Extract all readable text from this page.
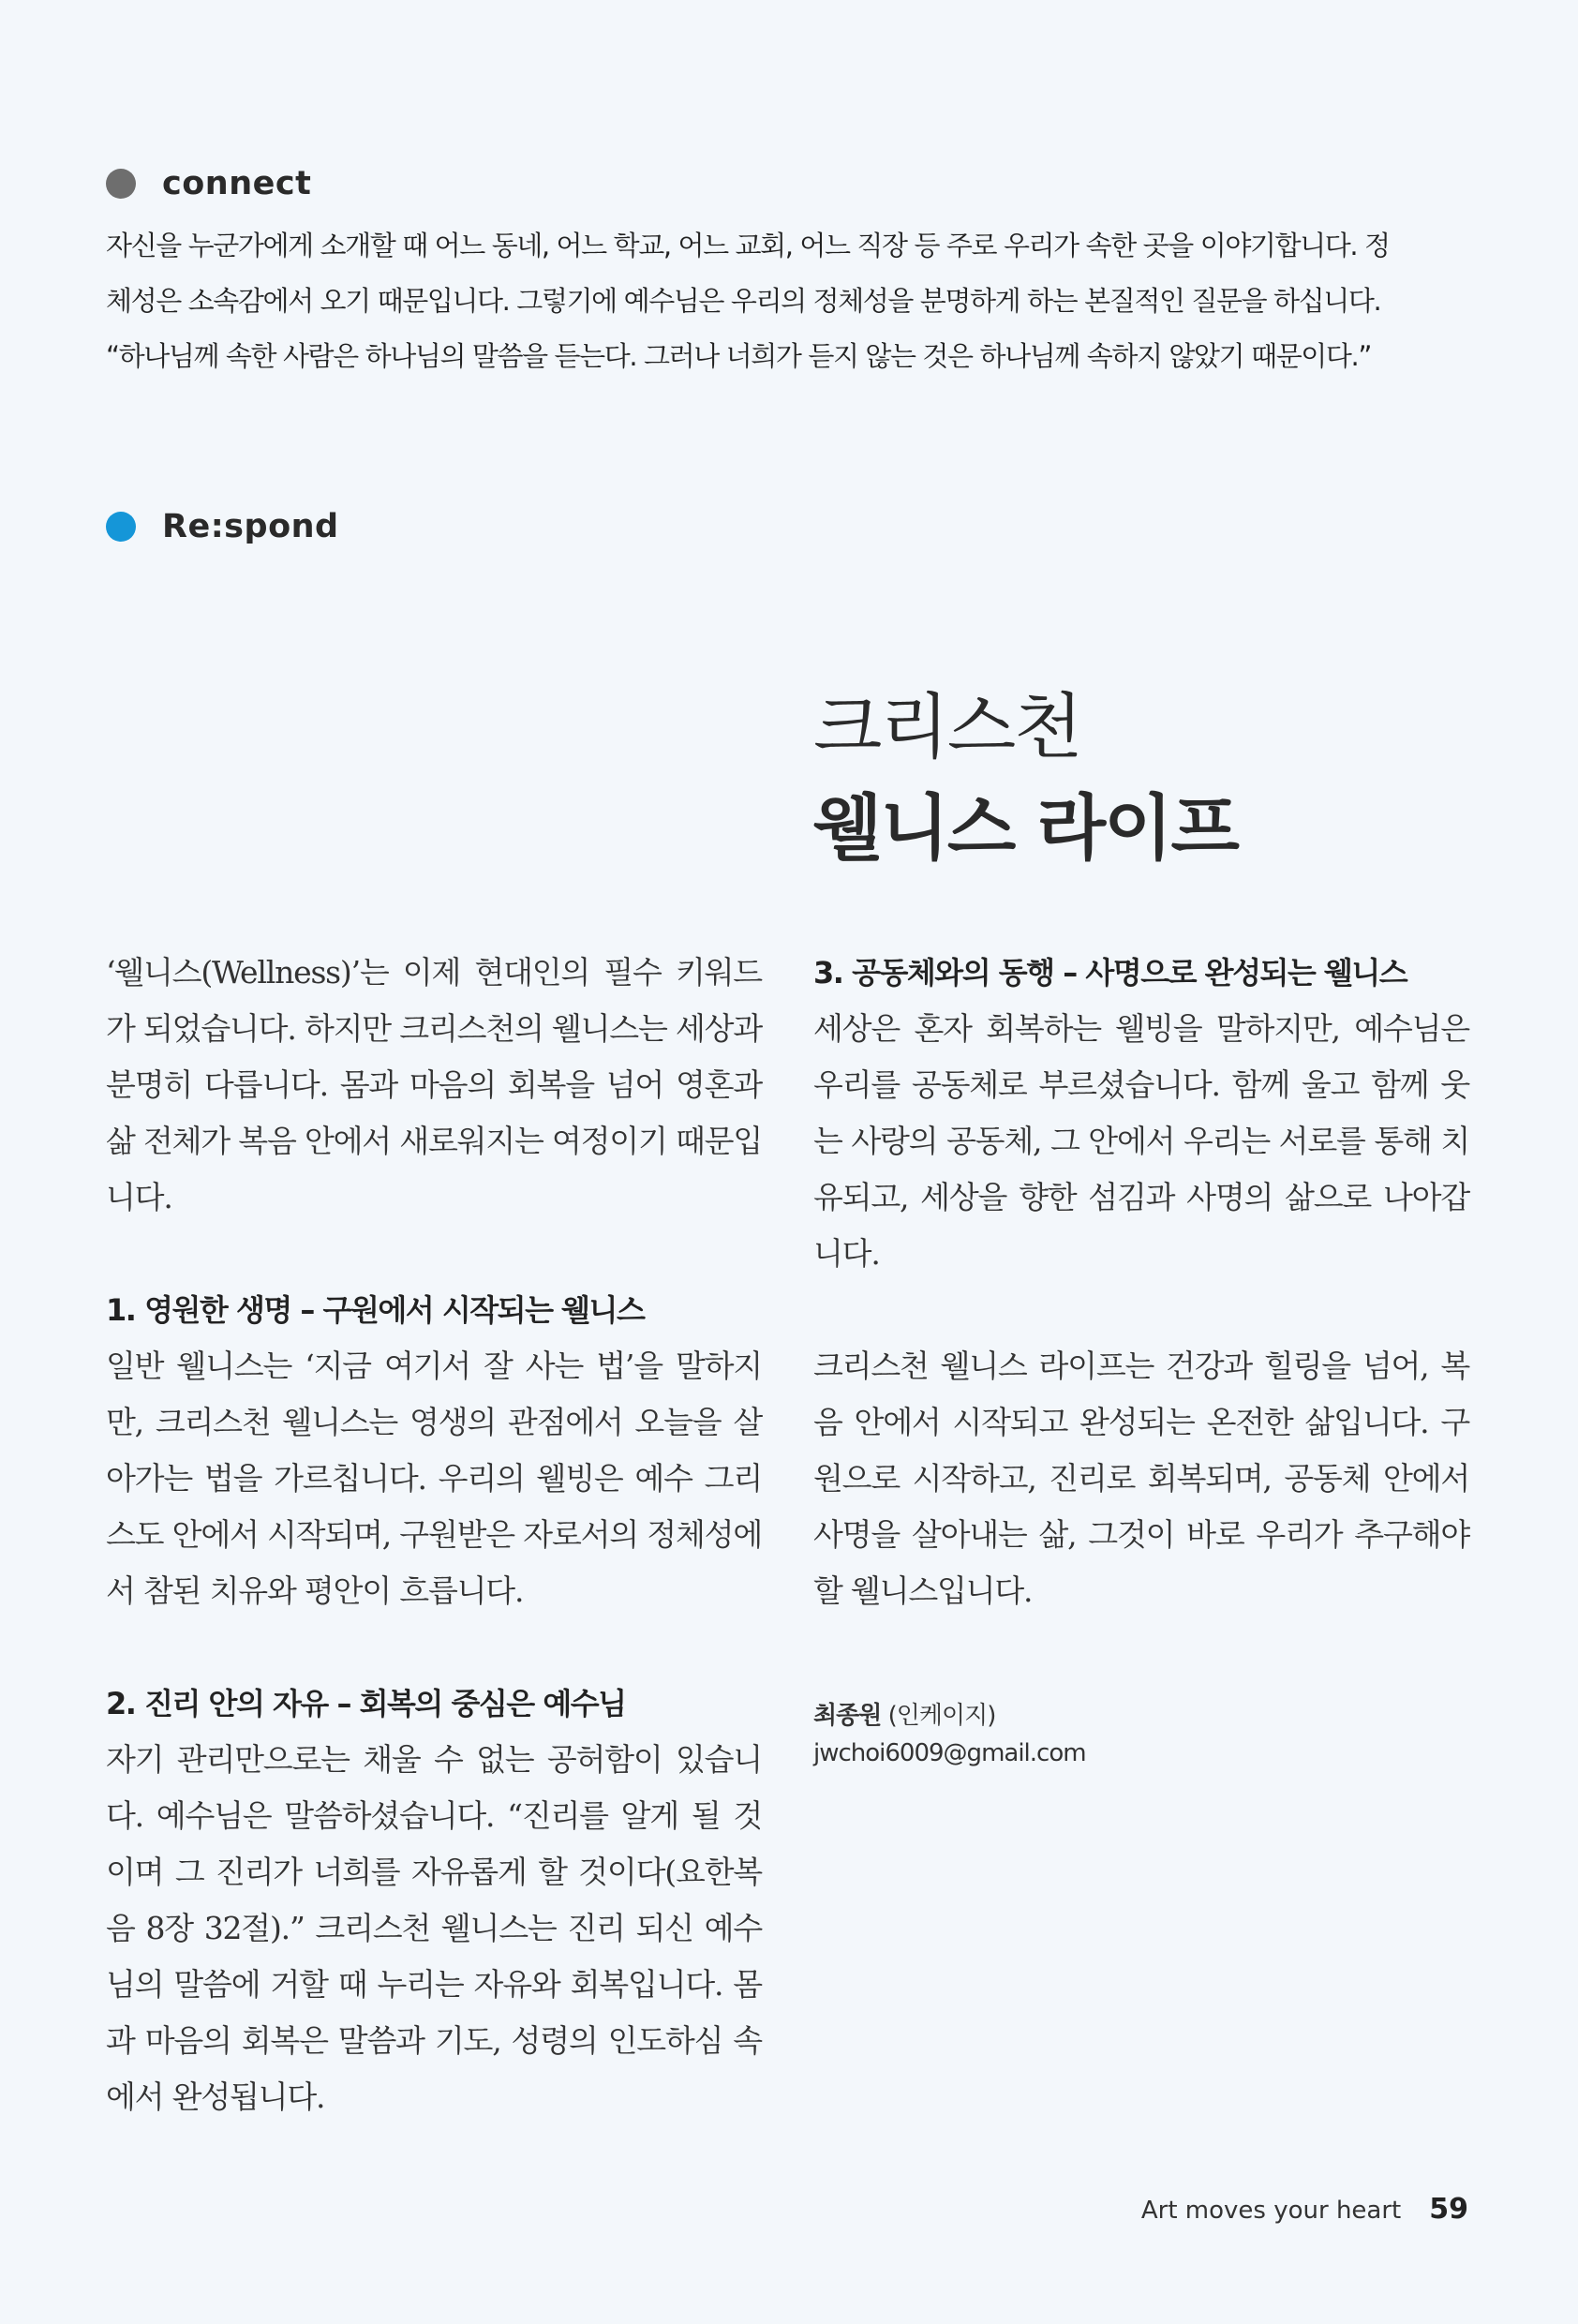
connect

자신을 누군가에게 소개할 때 어느 동네, 어느 학교, 어느 교회, 어느 직장 등 주로 우리가 속한 곳을 이야기합니다. 정

체성은 소속감에서 오기 때문입니다. 그렇기에 예수님은 우리의 정체성을 분명하게 하는 본질적인 질문을 하십니다.

“하나님께 속한 사람은 하나님의 말씀을 듣는다. 그러나 너희가 듣지 않는 것은 하나님께 속하지 않았기 때문이다.”

Re:spond
크리스천
웰니스 라이프

‘웰니스(Wellness)’는 이제 현대인의 필수 키워드가 되었습니다. 하지만 크리스천의 웰니스는 세상과 분명히 다릅니다. 몸과 마음의 회복을 넘어 영혼과 삶 전체가 복음 안에서 새로워지는 여정이기 때문입니다.

1. 영원한 생명 – 구원에서 시작되는 웰니스

일반 웰니스는 ‘지금 여기서 잘 사는 법’을 말하지만, 크리스천 웰니스는 영생의 관점에서 오늘을 살아가는 법을 가르칩니다. 우리의 웰빙은 예수 그리스도 안에서 시작되며, 구원받은 자로서의 정체성에서 참된 치유와 평안이 흐릅니다.

2. 진리 안의 자유 – 회복의 중심은 예수님

자기 관리만으로는 채울 수 없는 공허함이 있습니다. 예수님은 말씀하셨습니다. “진리를 알게 될 것이며 그 진리가 너희를 자유롭게 할 것이다(요한복음 8장 32절).” 크리스천 웰니스는 진리 되신 예수님의 말씀에 거할 때 누리는 자유와 회복입니다. 몸과 마음의 회복은 말씀과 기도, 성령의 인도하심 속에서 완성됩니다.

3. 공동체와의 동행 – 사명으로 완성되는 웰니스

세상은 혼자 회복하는 웰빙을 말하지만, 예수님은 우리를 공동체로 부르셨습니다. 함께 울고 함께 웃는 사랑의 공동체, 그 안에서 우리는 서로를 통해 치유되고, 세상을 향한 섬김과 사명의 삶으로 나아갑니다.

크리스천 웰니스 라이프는 건강과 힐링을 넘어, 복음 안에서 시작되고 완성되는 온전한 삶입니다. 구원으로 시작하고, 진리로 회복되며, 공동체 안에서 사명을 살아내는 삶, 그것이 바로 우리가 추구해야 할 웰니스입니다.

최종원 (인케이지)
jwchoi6009@gmail.com
Art moves your heart 59
